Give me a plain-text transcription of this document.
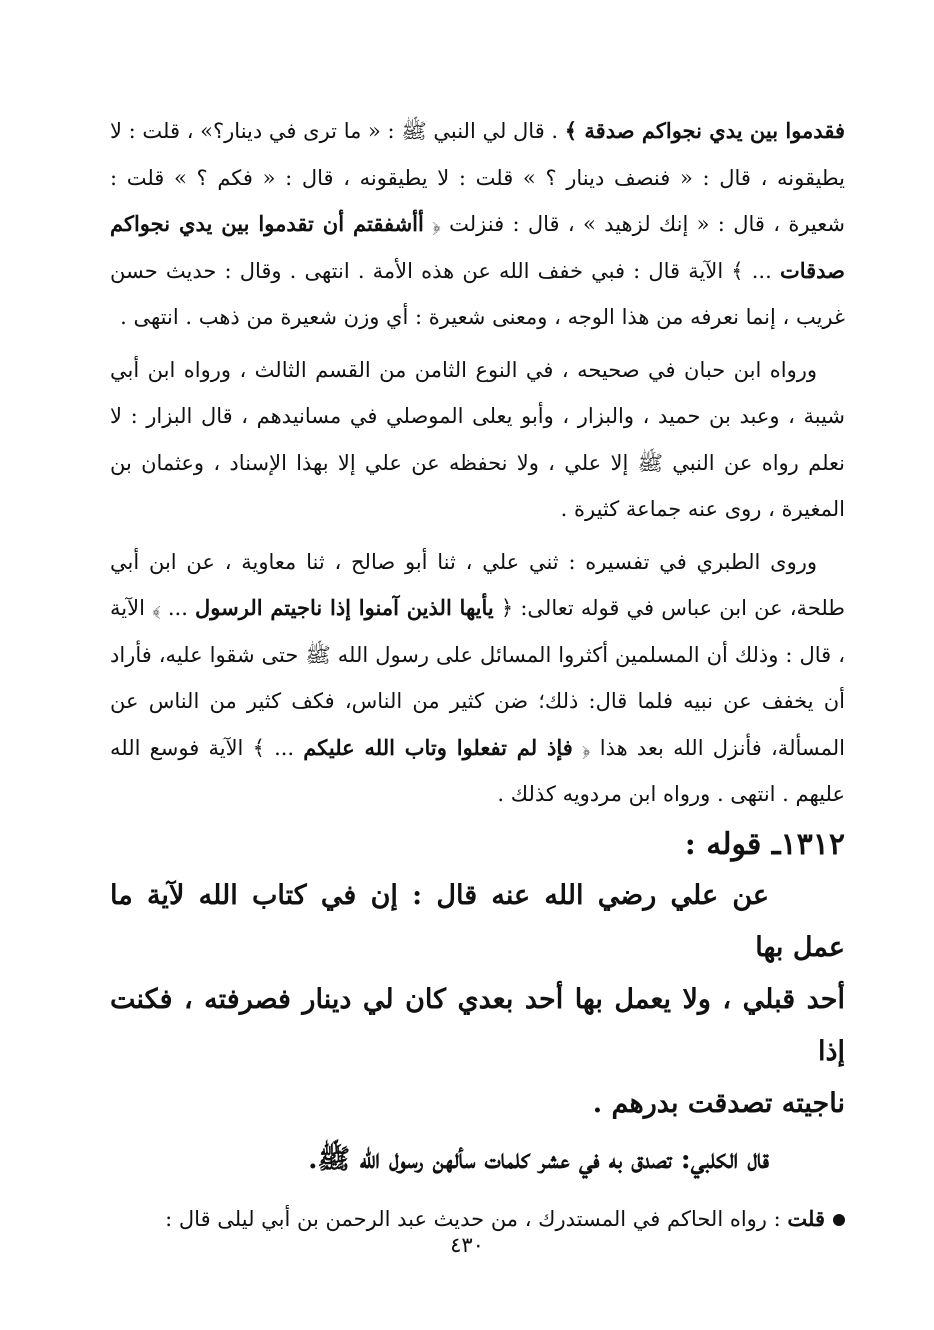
فقدموا بين يدي نجواكم صدقة ﴾ . قال لي النبي ﷺ : « ما ترى في دينار؟» ، قلت : لا يطيقونه ، قال : « فنصف دينار ؟ » قلت : لا يطيقونه ، قال : « فكم ؟ » قلت : شعيرة ، قال : « إنك لزهيد » ، قال : فنزلت ﴿ أأشفقتم أن تقدموا بين يدي نجواكم صدقات ... ﴾ الآية قال : فبي خفف الله عن هذه الأمة . انتهى . وقال : حديث حسن غريب ، إنما نعرفه من هذا الوجه ، ومعنى شعيرة : أي وزن شعيرة من ذهب . انتهى .

ورواه ابن حبان في صحيحه ، في النوع الثامن من القسم الثالث ، ورواه ابن أبي شيبة ، وعبد بن حميد ، والبزار ، وأبو يعلى الموصلي في مسانيدهم ، قال البزار : لا نعلم رواه عن النبي ﷺ إلا علي ، ولا نحفظه عن علي إلا بهذا الإسناد ، وعثمان بن المغيرة ، روى عنه جماعة كثيرة .

وروى الطبري في تفسيره : ثني علي ، ثنا أبو صالح ، ثنا معاوية ، عن ابن أبي طلحة، عن ابن عباس في قوله تعالى: ﴿ يأيها الذين آمنوا إذا ناجيتم الرسول ... ﴾ الآية ، قال : وذلك أن المسلمين أكثروا المسائل على رسول الله ﷺ حتى شقوا عليه، فأراد أن يخفف عن نبيه فلما قال: ذلك؛ ضن كثير من الناس، فكف كثير من الناس عن المسألة، فأنزل الله بعد هذا ﴿ فإذ لم تفعلوا وتاب الله عليكم ... ﴾ الآية فوسع الله عليهم . انتهى . ورواه ابن مردويه كذلك .

١٣١٢ـ قوله :

عن علي رضي الله عنه قال : إن في كتاب الله لآية ما عمل بها

أحد قبلي ، ولا يعمل بها أحد بعدي كان لي دينار فصرفته ، فكنت إذا

ناجيته تصدقت بدرهم .

قال الكلبي: تصدق به في عشر كلمات سألهن رسول الله ﷺ.

قلت : رواه الحاكم في المستدرك ، من حديث عبد الرحمن بن أبي ليلى قال :

٤٣٠
